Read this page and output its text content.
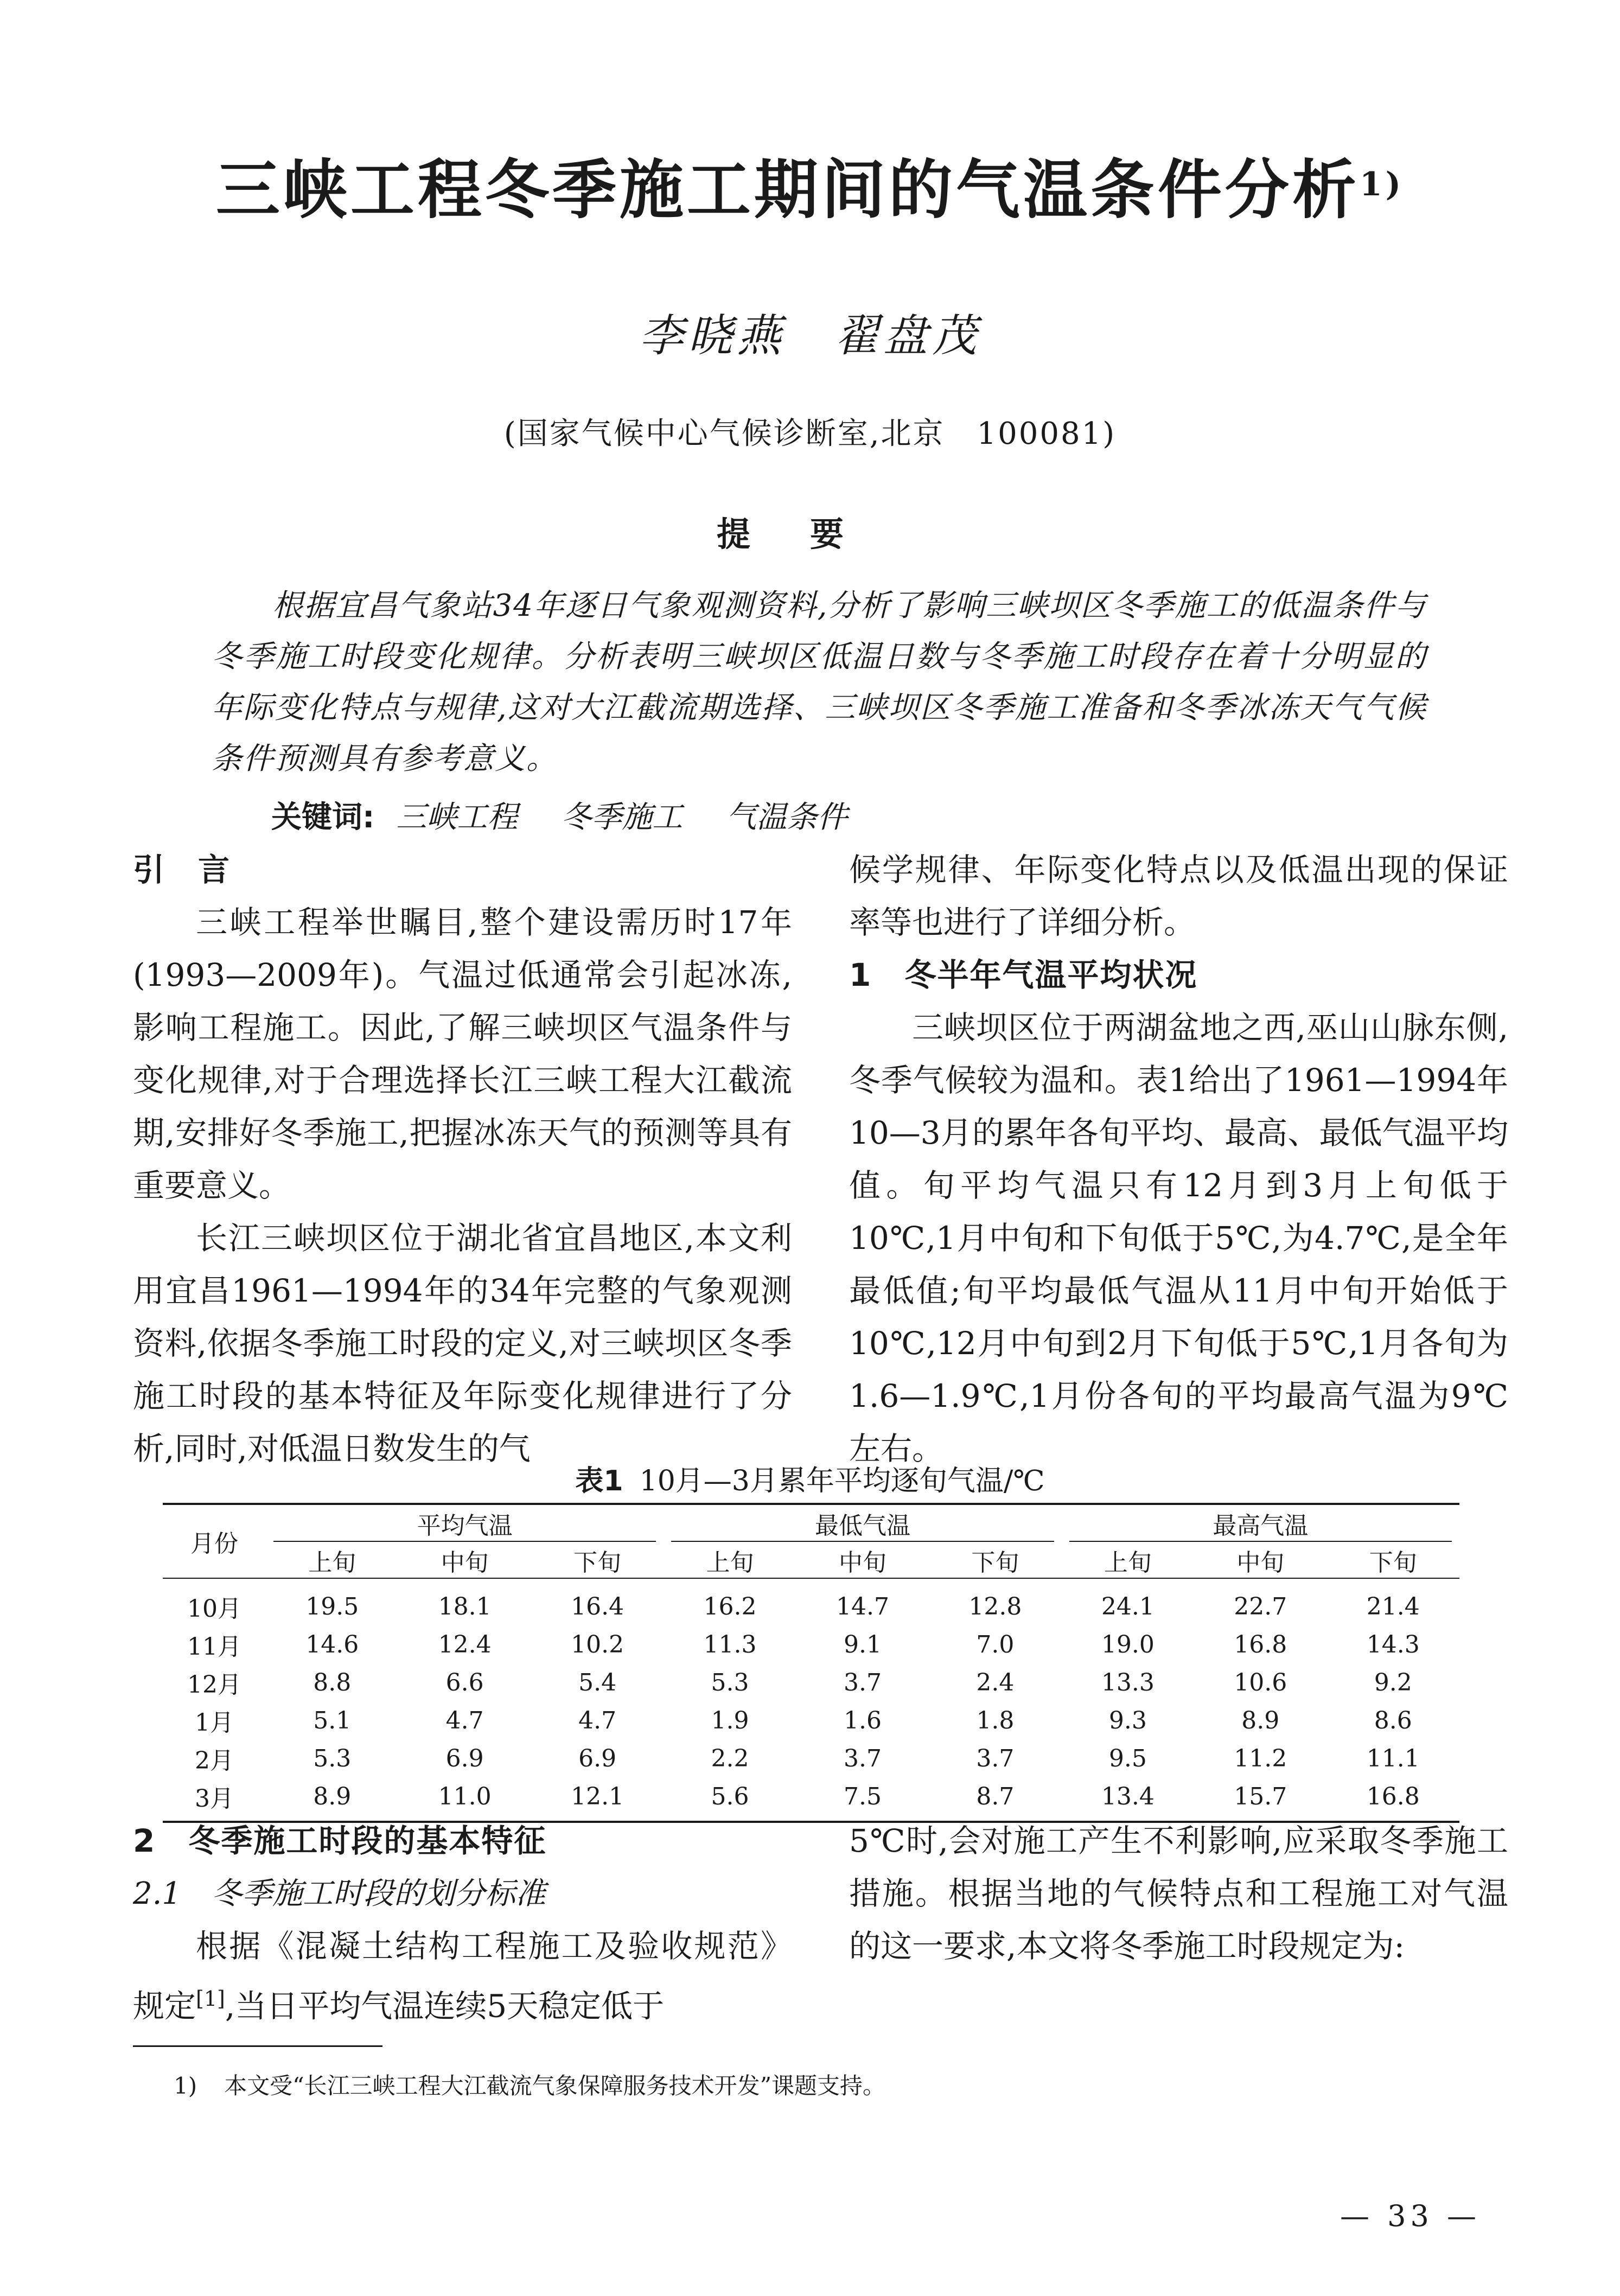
三峡工程冬季施工期间的气温条件分析$^{1)}$
李晓燕 翟盘茂
(国家气候中心气候诊断室,北京　100081)
提要
根据宜昌气象站34年逐日气象观测资料,分析了影响三峡坝区冬季施工的低温条件与冬季施工时段变化规律。分析表明三峡坝区低温日数与冬季施工时段存在着十分明显的年际变化特点与规律,这对大江截流期选择、三峡坝区冬季施工准备和冬季冰冻天气气候条件预测具有参考意义。
关键词: 三峡工程 冬季施工 气温条件
引　言

三峡工程举世瞩目,整个建设需历时17年(1993—2009年)。气温过低通常会引起冰冻,影响工程施工。因此,了解三峡坝区气温条件与变化规律,对于合理选择长江三峡工程大江截流期,安排好冬季施工,把握冰冻天气的预测等具有重要意义。

长江三峡坝区位于湖北省宜昌地区,本文利用宜昌1961—1994年的34年完整的气象观测资料,依据冬季施工时段的定义,对三峡坝区冬季施工时段的基本特征及年际变化规律进行了分析,同时,对低温日数发生的气

候学规律、年际变化特点以及低温出现的保证率等也进行了详细分析。

1　冬半年气温平均状况

三峡坝区位于两湖盆地之西,巫山山脉东侧,冬季气候较为温和。表1给出了1961—1994年10—3月的累年各旬平均、最高、最低气温平均值。旬平均气温只有12月到3月上旬低于10℃,1月中旬和下旬低于5℃,为4.7℃,是全年最低值;旬平均最低气温从11月中旬开始低于10℃,12月中旬到2月下旬低于5℃,1月各旬为1.6—1.9℃,1月份各旬的平均最高气温为9℃左右。

表1 10月—3月累年平均逐旬气温/℃
月份	平均气温			最低气温			最高气温		

	上旬	中旬	下旬	上旬	中旬	下旬	上旬	中旬	下旬
10月	19.5	18.1	16.4	16.2	14.7	12.8	24.1	22.7	21.4
11月	14.6	12.4	10.2	11.3	9.1	7.0	19.0	16.8	14.3
12月	8.8	6.6	5.4	5.3	3.7	2.4	13.3	10.6	9.2
1月	5.1	4.7	4.7	1.9	1.6	1.8	9.3	8.9	8.6
2月	5.3	6.9	6.9	2.2	3.7	3.7	9.5	11.2	11.1
3月	8.9	11.0	12.1	5.6	7.5	8.7	13.4	15.7	16.8
2　冬季施工时段的基本特征
2.1　冬季施工时段的划分标准

根据《混凝土结构工程施工及验收规范》规定[1],当日平均气温连续5天稳定低于

5℃时,会对施工产生不利影响,应采取冬季施工措施。根据当地的气候特点和工程施工对气温的这一要求,本文将冬季施工时段规定为:

1) 本文受“长江三峡工程大江截流气象保障服务技术开发”课题支持。
— 33 —
